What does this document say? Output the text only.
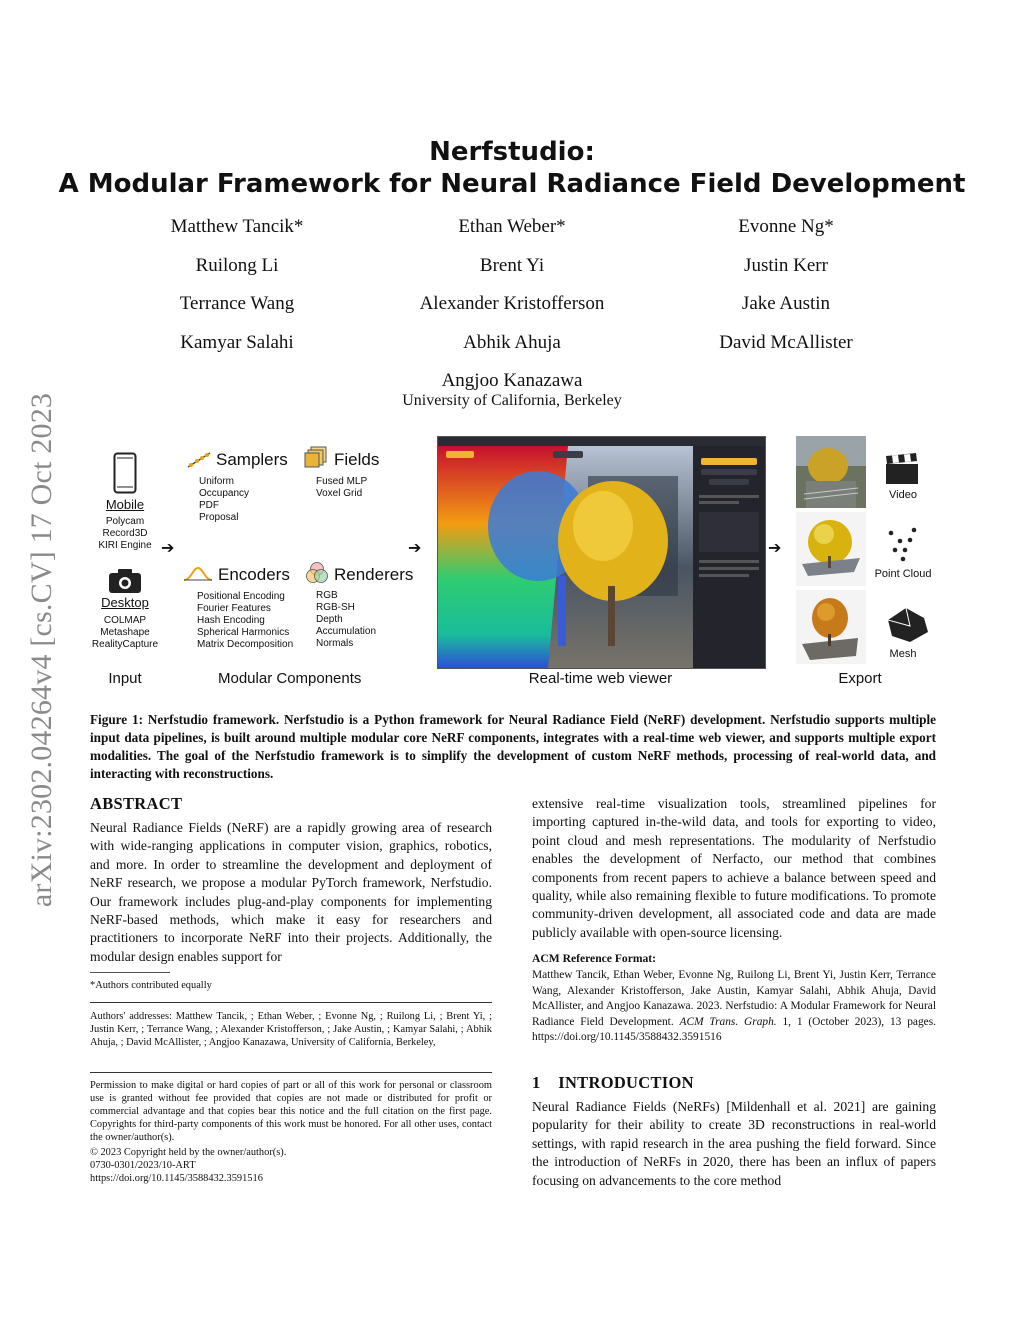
arXiv:2302.04264v4 [cs.CV] 17 Oct 2023
Nerfstudio:
A Modular Framework for Neural Radiance Field Development
Matthew Tancik*	Ethan Weber*	Evonne Ng*
Ruilong Li	Brent Yi	Justin Kerr
Terrance Wang	Alexander Kristofferson	Jake Austin
Kamyar Salahi	Abhik Ahuja	David McAllister
Angjoo Kanazawa
University of California, Berkeley
Mobile
Polycam
Record3D
KIRI Engine
Desktop
COLMAP
Metashape
RealityCapture
Input
➔
Samplers
Uniform
Occupancy
PDF
Proposal
Fields
Fused MLP
Voxel Grid
Encoders
Positional Encoding
Fourier Features
Hash Encoding
Spherical Harmonics
Matrix Decomposition
Renderers
RGB
RGB-SH
Depth
Accumulation
Normals
Modular Components
➔
Real-time web viewer
➔
Video
Point Cloud
Mesh
Export
Figure 1: Nerfstudio framework. Nerfstudio is a Python framework for Neural Radiance Field (NeRF) development. Nerfstudio supports multiple input data pipelines, is built around multiple modular core NeRF components, integrates with a real-time web viewer, and supports multiple export modalities. The goal of the Nerfstudio framework is to simplify the development of custom NeRF methods, processing of real-world data, and interacting with reconstructions.
ABSTRACT
Neural Radiance Fields (NeRF) are a rapidly growing area of research with wide-ranging applications in computer vision, graphics, robotics, and more. In order to streamline the development and deployment of NeRF research, we propose a modular PyTorch framework, Nerfstudio. Our framework includes plug-and-play components for implementing NeRF-based methods, which make it easy for researchers and practitioners to incorporate NeRF into their projects. Additionally, the modular design enables support for
*Authors contributed equally
Authors' addresses: Matthew Tancik, ; Ethan Weber, ; Evonne Ng, ; Ruilong Li, ; Brent Yi, ; Justin Kerr, ; Terrance Wang, ; Alexander Kristofferson, ; Jake Austin, ; Kamyar Salahi, ; Abhik Ahuja, ; David McAllister, ; Angjoo Kanazawa, University of California, Berkeley,
Permission to make digital or hard copies of part or all of this work for personal or classroom use is granted without fee provided that copies are not made or distributed for profit or commercial advantage and that copies bear this notice and the full citation on the first page. Copyrights for third-party components of this work must be honored. For all other uses, contact the owner/author(s).
© 2023 Copyright held by the owner/author(s).
0730-0301/2023/10-ART
https://doi.org/10.1145/3588432.3591516
extensive real-time visualization tools, streamlined pipelines for importing captured in-the-wild data, and tools for exporting to video, point cloud and mesh representations. The modularity of Nerfstudio enables the development of Nerfacto, our method that combines components from recent papers to achieve a balance between speed and quality, while also remaining flexible to future modifications. To promote community-driven development, all associated code and data are made publicly available with open-source licensing.
ACM Reference Format:
Matthew Tancik, Ethan Weber, Evonne Ng, Ruilong Li, Brent Yi, Justin Kerr, Terrance Wang, Alexander Kristofferson, Jake Austin, Kamyar Salahi, Abhik Ahuja, David McAllister, and Angjoo Kanazawa. 2023. Nerfstudio: A Modular Framework for Neural Radiance Field Development. ACM Trans. Graph. 1, 1 (October 2023), 13 pages. https://doi.org/10.1145/3588432.3591516
1    INTRODUCTION
Neural Radiance Fields (NeRFs) [Mildenhall et al. 2021] are gaining popularity for their ability to create 3D reconstructions in real-world settings, with rapid research in the area pushing the field forward. Since the introduction of NeRFs in 2020, there has been an influx of papers focusing on advancements to the core method
